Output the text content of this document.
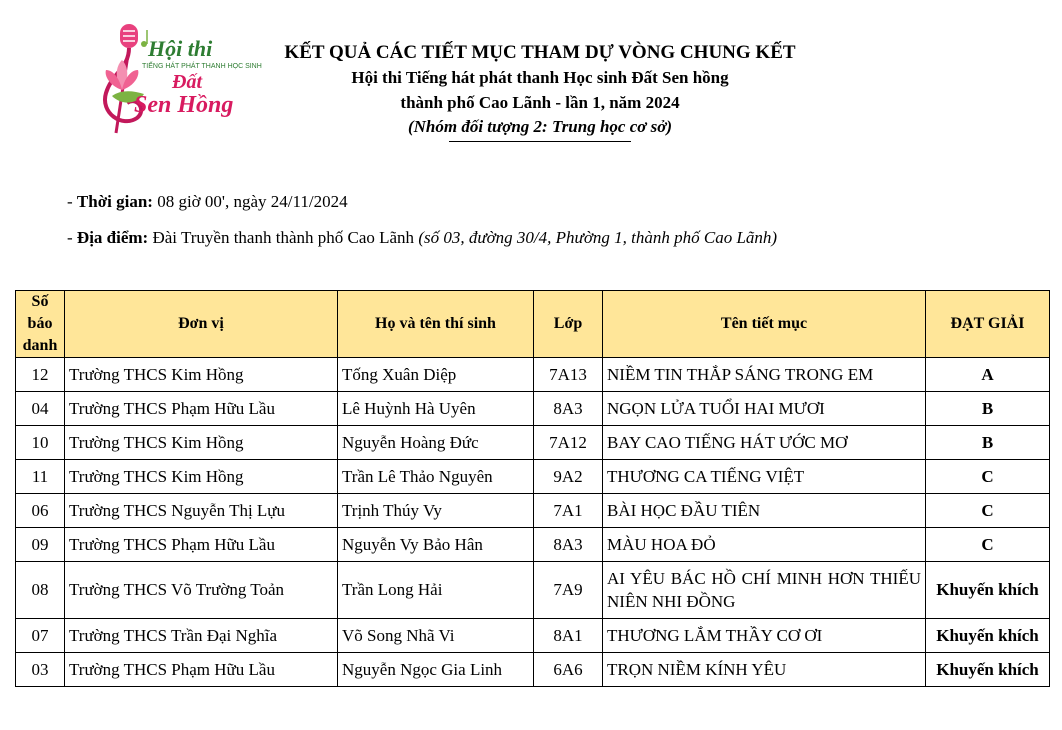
Hội thi
TIẾNG HÁT PHÁT THANH HỌC SINH
Đất
Sen Hồng
KẾT QUẢ CÁC TIẾT MỤC THAM DỰ VÒNG CHUNG KẾT
Hội thi Tiếng hát phát thanh Học sinh Đất Sen hồng
thành phố Cao Lãnh - lần 1, năm 2024
(Nhóm đối tượng 2: Trung học cơ sở)
- Thời gian: 08 giờ 00', ngày 24/11/2024
- Địa điểm: Đài Truyền thanh thành phố Cao Lãnh (số 03, đường 30/4, Phường 1, thành phố Cao Lãnh)
Số
báo
danh	Đơn vị	Họ và tên thí sinh	Lớp	Tên tiết mục	ĐẠT GIẢI
12	Trường THCS Kim Hồng	Tống Xuân Diệp	7A13	NIỀM TIN THẮP SÁNG TRONG EM	A
04	Trường THCS Phạm Hữu Lầu	Lê Huỳnh Hà Uyên	8A3	NGỌN LỬA TUỔI HAI MƯƠI	B
10	Trường THCS Kim Hồng	Nguyễn Hoàng Đức	7A12	BAY CAO TIẾNG HÁT ƯỚC MƠ	B
11	Trường THCS Kim Hồng	Trần Lê Thảo Nguyên	9A2	THƯƠNG CA TIẾNG VIỆT	C
06	Trường THCS Nguyễn Thị Lựu	Trịnh Thúy Vy	7A1	BÀI HỌC ĐẦU TIÊN	C
09	Trường THCS Phạm Hữu Lầu	Nguyễn Vy Bảo Hân	8A3	MÀU HOA ĐỎ	C
08	Trường THCS Võ Trường Toản	Trần Long Hải	7A9	AI YÊU BÁC HỒ CHÍ MINH HƠN THIẾU NIÊN NHI ĐỒNG	Khuyến khích
07	Trường THCS Trần Đại Nghĩa	Võ Song Nhã Vi	8A1	THƯƠNG LẮM THẦY CƠ ƠI	Khuyến khích
03	Trường THCS Phạm Hữu Lầu	Nguyễn Ngọc Gia Linh	6A6	TRỌN NIỀM KÍNH YÊU	Khuyến khích
